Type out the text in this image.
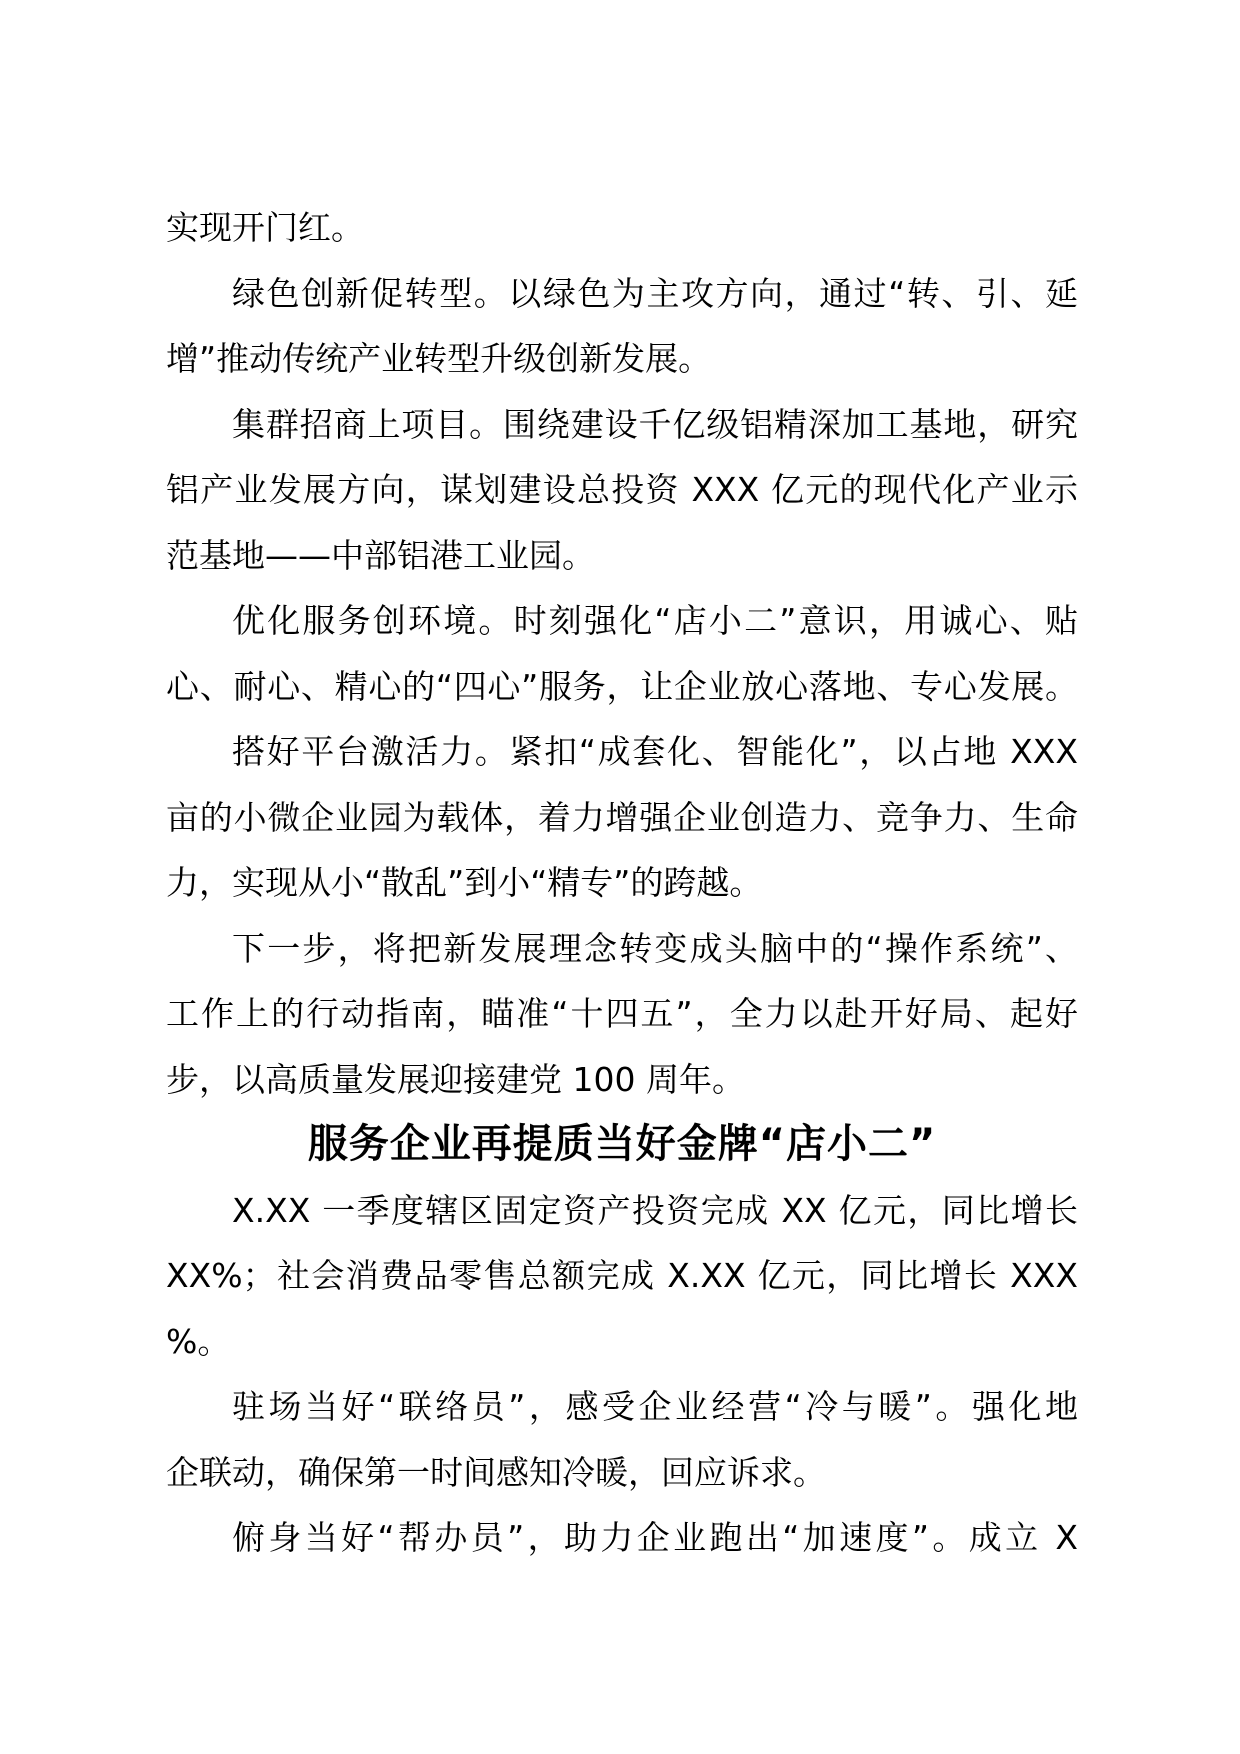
实现开门红。
绿色创新促转型。以绿色为主攻方向，通过“转、引、延
增”推动传统产业转型升级创新发展。
集群招商上项目。围绕建设千亿级铝精深加工基地，研究
铝产业发展方向，谋划建设总投资 XXX 亿元的现代化产业示
范基地——中部铝港工业园。
优化服务创环境。时刻强化“店小二”意识，用诚心、贴
心、耐心、精心的“四心”服务，让企业放心落地、专心发展。
搭好平台激活力。紧扣“成套化、智能化”，以占地 XXX
亩的小微企业园为载体，着力增强企业创造力、竞争力、生命
力，实现从小“散乱”到小“精专”的跨越。
下一步，将把新发展理念转变成头脑中的“操作系统”、
工作上的行动指南，瞄准“十四五”，全力以赴开好局、起好
步，以高质量发展迎接建党 100 周年。
服务企业再提质当好金牌“店小二”
X.XX 一季度辖区固定资产投资完成 XX 亿元，同比增长
XX%；社会消费品零售总额完成 X.XX 亿元，同比增长 XXX
%。
驻场当好“联络员”，感受企业经营“冷与暖”。强化地
企联动，确保第一时间感知冷暖，回应诉求。
俯身当好“帮办员”，助力企业跑出“加速度”。成立 X
